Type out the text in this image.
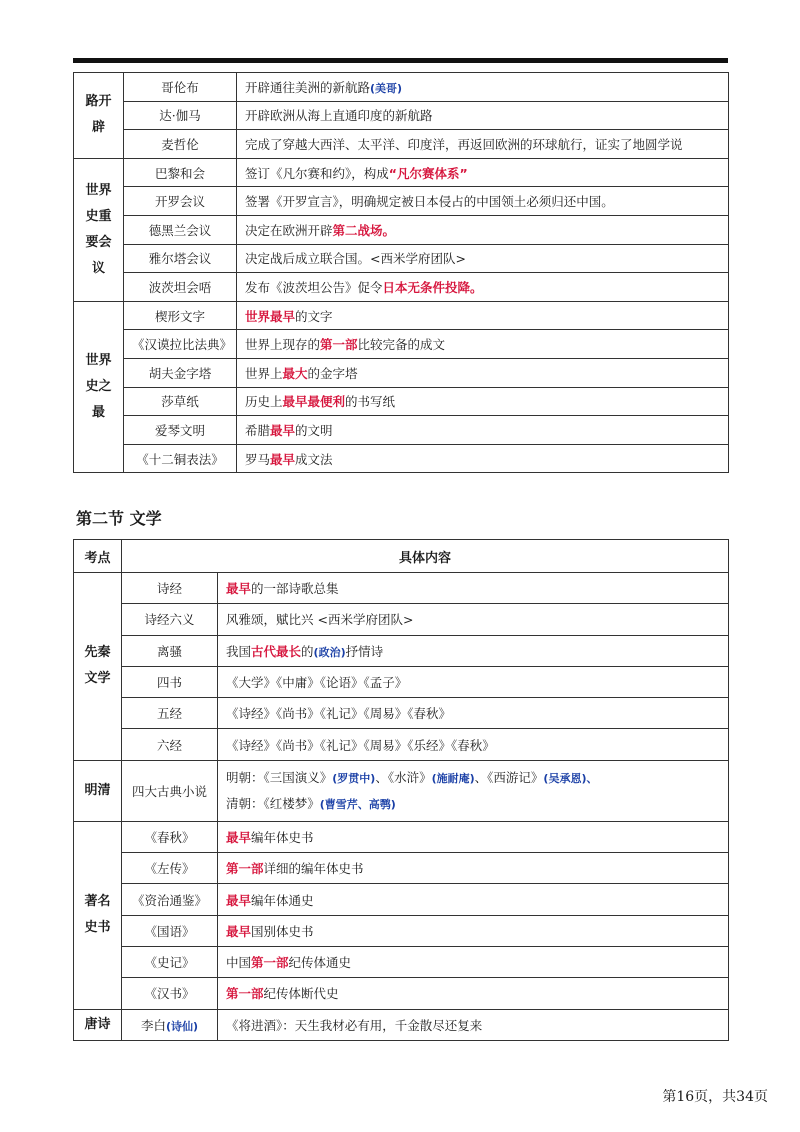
路开辟	哥伦布	开辟通往美洲的新航路(美哥)
	达·伽马	开辟欧洲从海上直通印度的新航路
	麦哲伦	完成了穿越大西洋、太平洋、印度洋，再返回欧洲的环球航行，证实了地圆学说
世界史重要会议	巴黎和会	签订《凡尔赛和约》，构成“凡尔赛体系”
	开罗会议	签署《开罗宣言》，明确规定被日本侵占的中国领土必须归还中国。
	德黑兰会议	决定在欧洲开辟第二战场。
	雅尔塔会议	决定战后成立联合国。<西米学府团队>
	波茨坦会唔	发布《波茨坦公告》促令日本无条件投降。
世界史之最	楔形文字	世界最早的文字
	《汉谟拉比法典》	世界上现存的第一部比较完备的成文
	胡夫金字塔	世界上最大的金字塔
	莎草纸	历史上最早最便利的书写纸
	爱琴文明	希腊最早的文明
	《十二铜表法》	罗马最早成文法
第二节 文学
考点	具体内容	
先秦文学	诗经	最早的一部诗歌总集
	诗经六义	风雅颂，赋比兴 <西米学府团队>
	离骚	我国古代最长的(政治)抒情诗
	四书	《大学》《中庸》《论语》《孟子》
	五经	《诗经》《尚书》《礼记》《周易》《春秋》
	六经	《诗经》《尚书》《礼记》《周易》《乐经》《春秋》
明清	四大古典小说	明朝：《三国演义》(罗贯中)、《水浒》(施耐庵)、《西游记》(吴承恩)、
清朝：《红楼梦》(曹雪芹、高鹗)

著名史书	《春秋》	最早编年体史书
	《左传》	第一部详细的编年体史书
	《资治通鉴》	最早编年体通史
	《国语》	最早国别体史书
	《史记》	中国第一部纪传体通史
	《汉书》	第一部纪传体断代史
唐诗	李白(诗仙)	《将进酒》：天生我材必有用，千金散尽还复来
第16页，共34页
